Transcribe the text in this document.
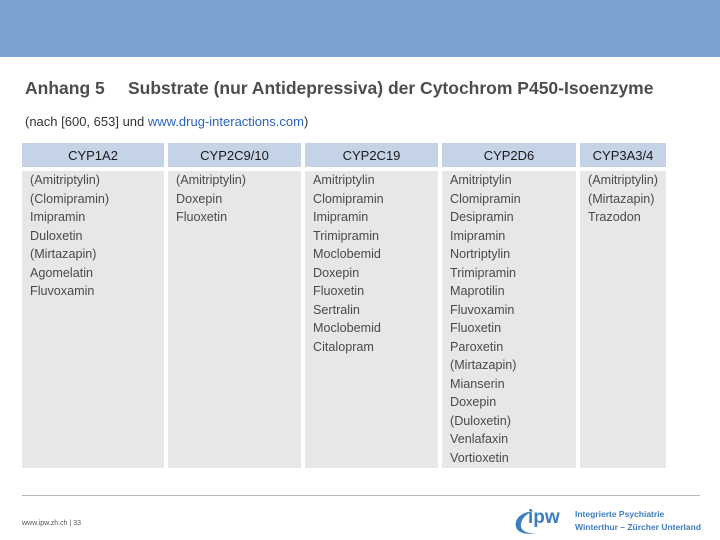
Anhang 5 Substrate (nur Antidepressiva) der Cytochrom P450-Isoenzyme
(nach [600, 653] und www.drug-interactions.com)
CYP1A2
(Amitriptylin)
(Clomipramin)
Imipramin
Duloxetin
(Mirtazapin)
Agomelatin
Fluvoxamin
CYP2C9/10
(Amitriptylin)
Doxepin
Fluoxetin
CYP2C19
Amitriptylin
Clomipramin
Imipramin
Trimipramin
Moclobemid
Doxepin
Fluoxetin
Sertralin
Moclobemid
Citalopram
CYP2D6
Amitriptylin
Clomipramin
Desipramin
Imipramin
Nortriptylin
Trimipramin
Maprotilin
Fluvoxamin
Fluoxetin
Paroxetin
(Mirtazapin)
Mianserin
Doxepin
(Duloxetin)
Venlafaxin
Vortioxetin
CYP3A3/4
(Amitriptylin)
(Mirtazapin)
Trazodon
www.ipw.zh.ch | 33	ipw Integrierte Psychiatrie
Winterthur – Zürcher Unterland
